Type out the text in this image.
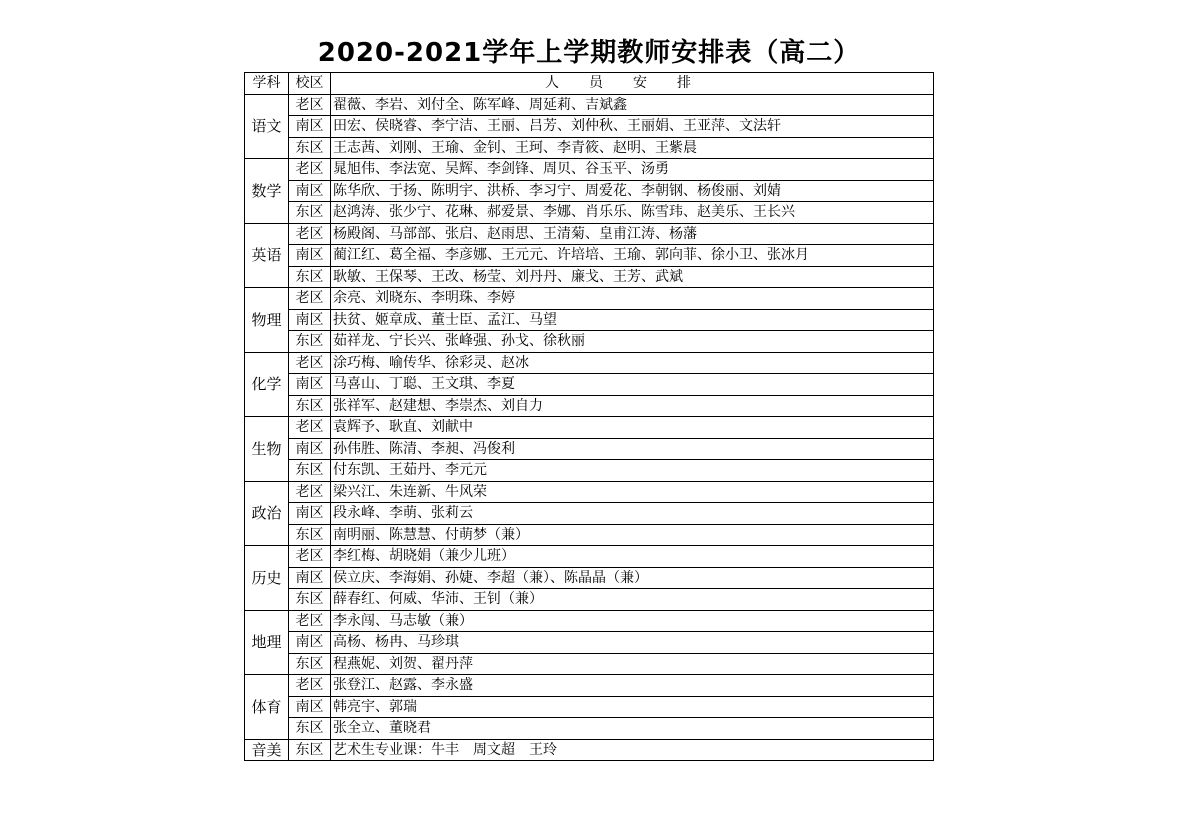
2020-2021学年上学期教师安排表（高二）
学科	校区	人员安排
语文	老区	翟薇、李岩、刘付全、陈军峰、周延莉、吉斌鑫
	南区	田宏、侯晓睿、李宁洁、王丽、吕芳、刘仲秋、王丽娟、王亚萍、文法轩
	东区	王志茜、刘刚、王瑜、金钊、王珂、李青筱、赵明、王紫晨
数学	老区	晁旭伟、李法宽、吴辉、李剑锋、周贝、谷玉平、汤勇
	南区	陈华欣、于扬、陈明宇、洪桥、李习宁、周爱花、李朝钢、杨俊丽、刘婧
	东区	赵鸿涛、张少宁、花琳、郝爱景、李娜、肖乐乐、陈雪玮、赵美乐、王长兴
英语	老区	杨殿阁、马部部、张启、赵雨思、王清菊、皇甫江涛、杨藩
	南区	蔺江红、葛全福、李彦娜、王元元、许培培、王瑜、郭向菲、徐小卫、张冰月
	东区	耿敏、王保琴、王改、杨莹、刘丹丹、廉戈、王芳、武斌
物理	老区	余亮、刘晓东、李明珠、李婷
	南区	扶贫、姬章成、董士臣、孟江、马望
	东区	茹祥龙、宁长兴、张峰强、孙戈、徐秋丽
化学	老区	涂巧梅、喻传华、徐彩灵、赵冰
	南区	马喜山、丁聪、王文琪、李夏
	东区	张祥军、赵建想、李崇杰、刘自力
生物	老区	袁辉予、耿直、刘献中
	南区	孙伟胜、陈清、李昶、冯俊利
	东区	付东凯、王茹丹、李元元
政治	老区	梁兴江、朱连新、牛风荣
	南区	段永峰、李萌、张莉云
	东区	南明丽、陈慧慧、付萌梦（兼）
历史	老区	李红梅、胡晓娟（兼少儿班）
	南区	侯立庆、李海娟、孙婕、李超（兼）、陈晶晶（兼）
	东区	薛春红、何威、华沛、王钊（兼）
地理	老区	李永闯、马志敏（兼）
	南区	高杨、杨冉、马珍琪
	东区	程燕妮、刘贺、翟丹萍
体育	老区	张登江、赵露、李永盛
	南区	韩亮宇、郭瑞
	东区	张全立、董晓君
音美	东区	艺术生专业课：牛丰　周文超　王玲
